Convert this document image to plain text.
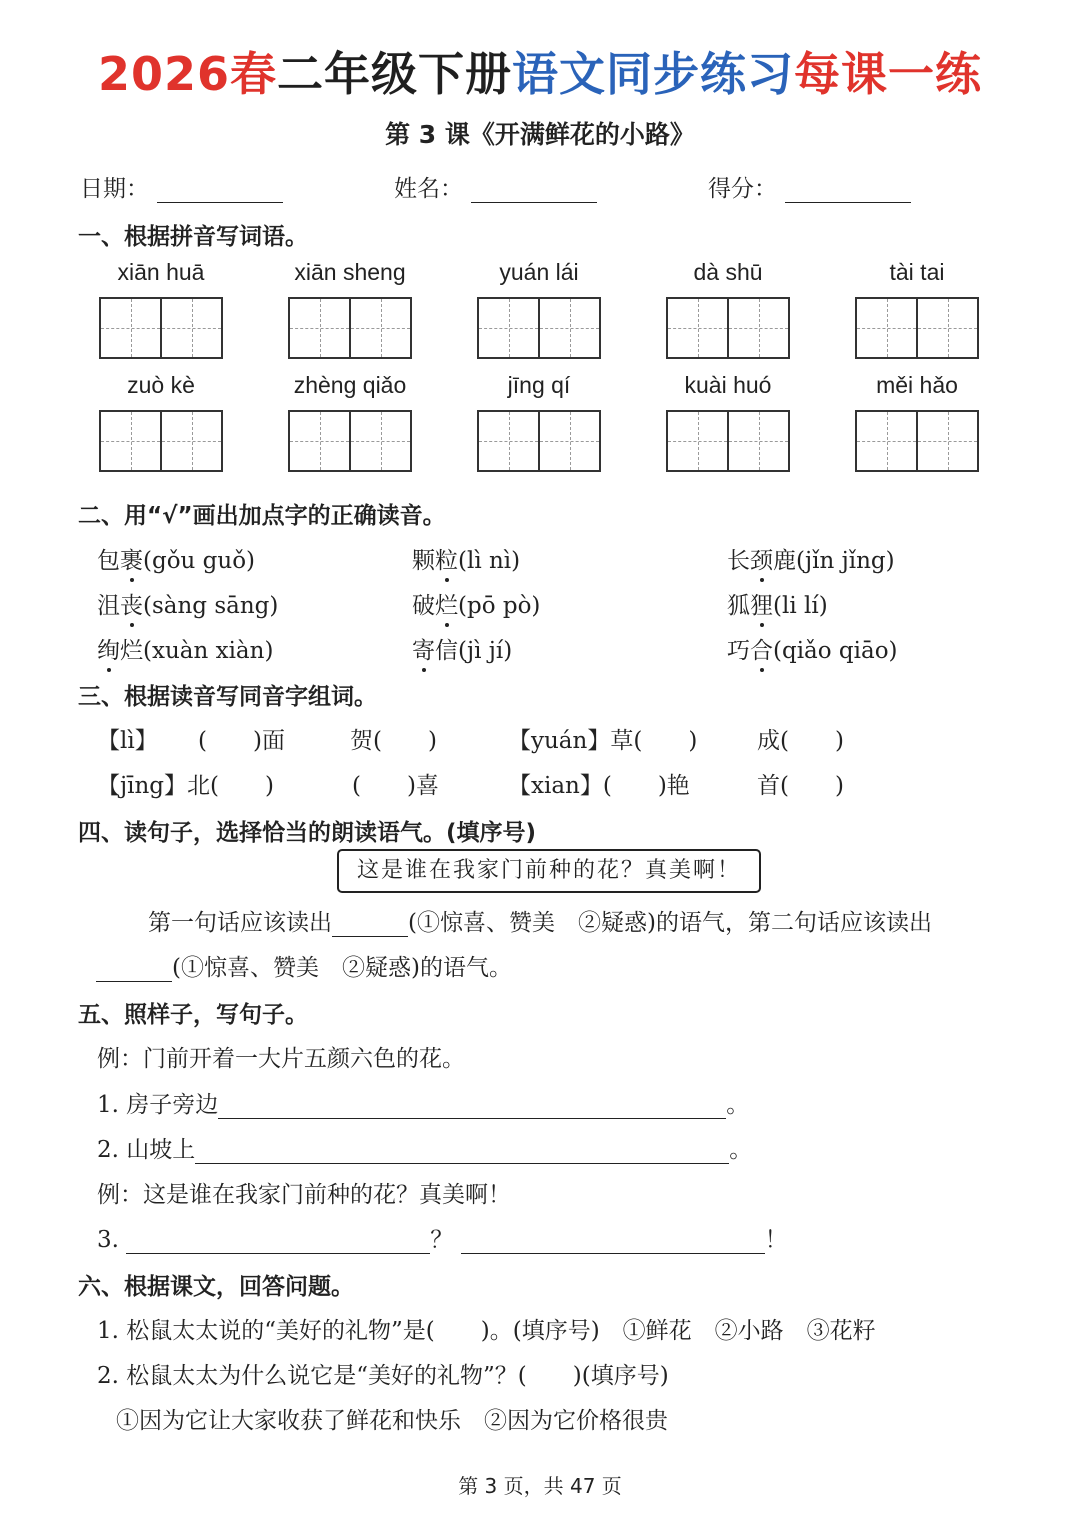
2026春二年级下册语文同步练习每课一练
第 3 课《开满鲜花的小路》
日期：	姓名：	得分：
一、根据拼音写词语。
xiān huā	xiān sheng	yuán lái	dà shū	tài tai
zuò kè	zhèng qiǎo	jīng qí	kuài huó	měi hǎo
二、用“√”画出加点字的正确读音。
包裹(gǒu guǒ)	颗粒(lì nì)	长颈鹿(jǐn jǐng)
沮丧(sàng sāng)	破烂(pō pò)	狐狸(li lí)
绚烂(xuàn xiàn)	寄信(jì jí)	巧合(qiǎo qiāo)
三、根据读音写同音字组词。
【lì】 (　　)面	贺(　　)	【yuán】草(　　)	成(　　)
【jīng】北(　　)	(　　)喜	【xian】(　　)艳	首(　　)
四、读句子，选择恰当的朗读语气。(填序号)
这是谁在我家门前种的花？真美啊！
第一句话应该读出	(①惊喜、赞美　②疑惑)的语气，第二句话应该读出
(①惊喜、赞美　②疑惑)的语气。
五、照样子，写句子。
例：门前开着一大片五颜六色的花。
1. 房子旁边	。
2. 山坡上	。
例：这是谁在我家门前种的花？真美啊！
3.	？	！
六、根据课文，回答问题。
1. 松鼠太太说的“美好的礼物”是(　　)。(填序号)　①鲜花　②小路　③花籽
2. 松鼠太太为什么说它是“美好的礼物”？(　　)(填序号)
①因为它让大家收获了鲜花和快乐　②因为它价格很贵
第 3 页，共 47 页
